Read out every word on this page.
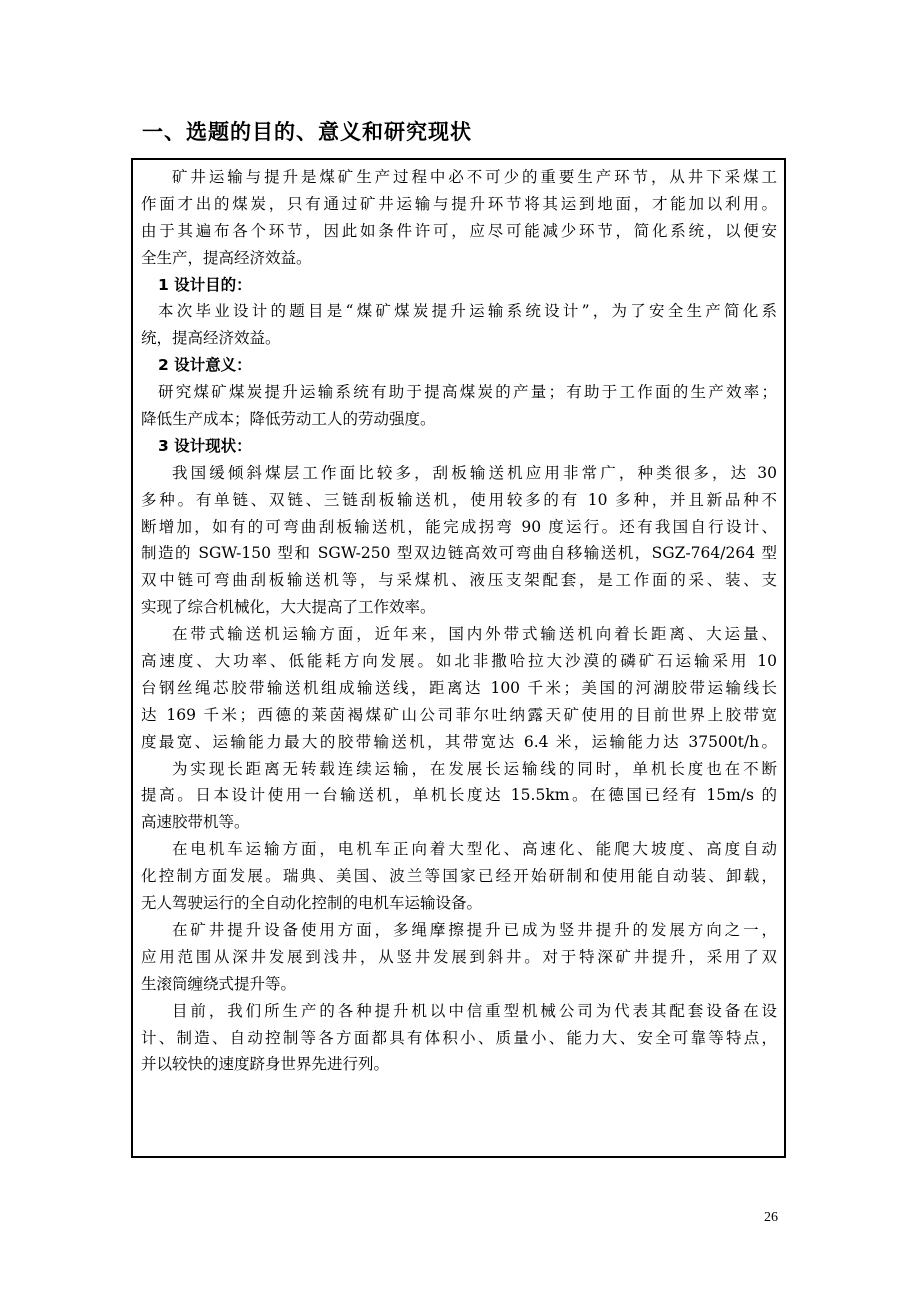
一、选题的目的、意义和研究现状
矿井运输与提升是煤矿生产过程中必不可少的重要生产环节，从井下采煤工
作面才出的煤炭，只有通过矿井运输与提升环节将其运到地面，才能加以利用。
由于其遍布各个环节，因此如条件许可，应尽可能减少环节，简化系统，以便安
全生产，提高经济效益。
1 设计目的：
本次毕业设计的题目是“煤矿煤炭提升运输系统设计”，为了安全生产简化系
统，提高经济效益。
2 设计意义：
研究煤矿煤炭提升运输系统有助于提高煤炭的产量；有助于工作面的生产效率；
降低生产成本；降低劳动工人的劳动强度。
3 设计现状：
我国缓倾斜煤层工作面比较多，刮板输送机应用非常广，种类很多，达 30
多种。有单链、双链、三链刮板输送机，使用较多的有 10 多种，并且新品种不
断增加，如有的可弯曲刮板输送机，能完成拐弯 90 度运行。还有我国自行设计、
制造的 SGW-150 型和 SGW-250 型双边链高效可弯曲自移输送机，SGZ-764/264 型
双中链可弯曲刮板输送机等，与采煤机、液压支架配套，是工作面的采、装、支
实现了综合机械化，大大提高了工作效率。
在带式输送机运输方面，近年来，国内外带式输送机向着长距离、大运量、
高速度、大功率、低能耗方向发展。如北非撒哈拉大沙漠的磷矿石运输采用 10
台钢丝绳芯胶带输送机组成输送线，距离达 100 千米；美国的河湖胶带运输线长
达 169 千米；西德的莱茵褐煤矿山公司菲尔吐纳露天矿使用的目前世界上胶带宽
度最宽、运输能力最大的胶带输送机，其带宽达 6.4 米，运输能力达 37500t/h。
为实现长距离无转载连续运输，在发展长运输线的同时，单机长度也在不断
提高。日本设计使用一台输送机，单机长度达 15.5km。在德国已经有 15m/s 的
高速胶带机等。
在电机车运输方面，电机车正向着大型化、高速化、能爬大坡度、高度自动
化控制方面发展。瑞典、美国、波兰等国家已经开始研制和使用能自动装、卸载，
无人驾驶运行的全自动化控制的电机车运输设备。
在矿井提升设备使用方面，多绳摩擦提升已成为竖井提升的发展方向之一，
应用范围从深井发展到浅井，从竖井发展到斜井。对于特深矿井提升，采用了双
生滚筒缠绕式提升等。
目前，我们所生产的各种提升机以中信重型机械公司为代表其配套设备在设
计、制造、自动控制等各方面都具有体积小、质量小、能力大、安全可靠等特点，
并以较快的速度跻身世界先进行列。
26
